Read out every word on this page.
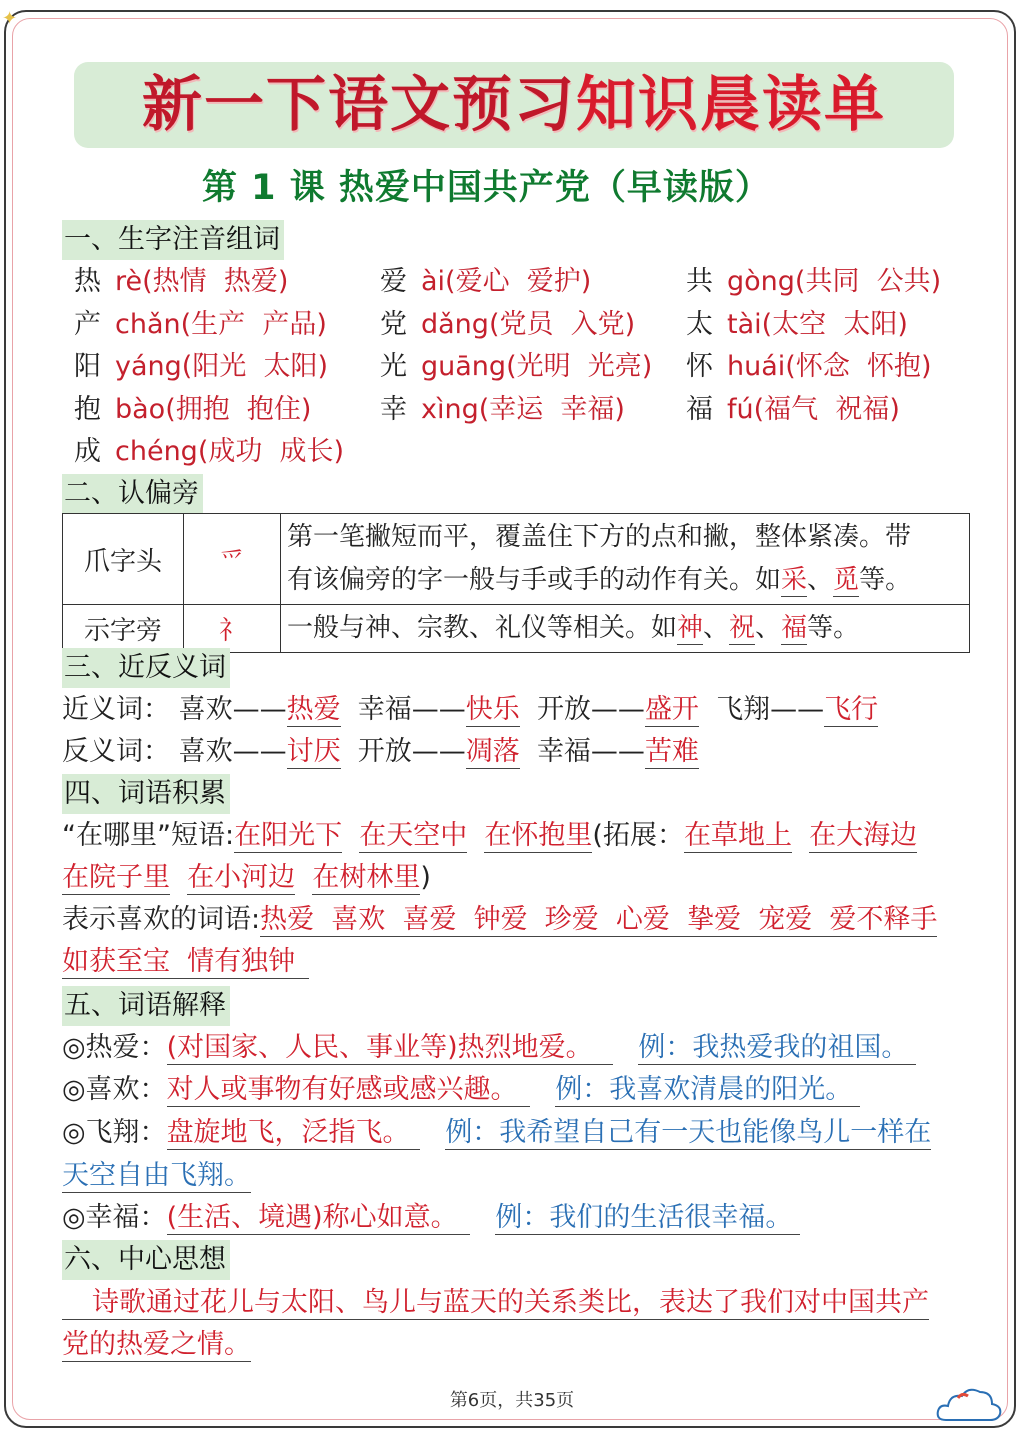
✦
新一下语文预习知识晨读单
第 1 课 热爱中国共产党（早读版）
一、生字注音组词
热 rè(热情  热爱)	爱 ài(爱心  爱护)	共 gòng(共同  公共)
产 chǎn(生产  产品) 党 dǎng(党员  入党) 太 tài(太空  太阳)
阳 yáng(阳光  太阳) 光 guāng(光明  光亮) 怀 huái(怀念  怀抱)
抱 bào(拥抱  抱住)	幸 xìng(幸运  幸福) 福 fú(福气  祝福)
成 chéng(成功  成长)
二、认偏旁
爪字头	爫	第一笔撇短而平，覆盖住下方的点和撇，整体紧凑。带
有该偏旁的字一般与手或手的动作有关。如采、觅等。
示字旁	礻	一般与神、宗教、礼仪等相关。如神、祝、福等。
三、近反义词
近义词： 喜欢——热爱 幸福——快乐 开放——盛开 飞翔——飞行
反义词： 喜欢——讨厌 开放——凋落 幸福——苦难
四、词语积累
“在哪里”短语:在阳光下 在天空中 在怀抱里(拓展：在草地上 在大海边
在院子里 在小河边 在树林里)
表示喜欢的词语:热爱  喜欢  喜爱  钟爱  珍爱  心爱  挚爱  宠爱  爱不释手
如获至宝  情有独钟
五、词语解释
◎热爱：(对国家、人民、事业等)热烈地爱。 例：我热爱我的祖国。
◎喜欢：对人或事物有好感或感兴趣。 例：我喜欢清晨的阳光。
◎飞翔：盘旋地飞，泛指飞。 例：我希望自己有一天也能像鸟儿一样在
天空自由飞翔。
◎幸福：(生活、境遇)称心如意。 例：我们的生活很幸福。
六、中心思想
诗歌通过花儿与太阳、鸟儿与蓝天的关系类比，表达了我们对中国共产
党的热爱之情。
第6页，共35页
